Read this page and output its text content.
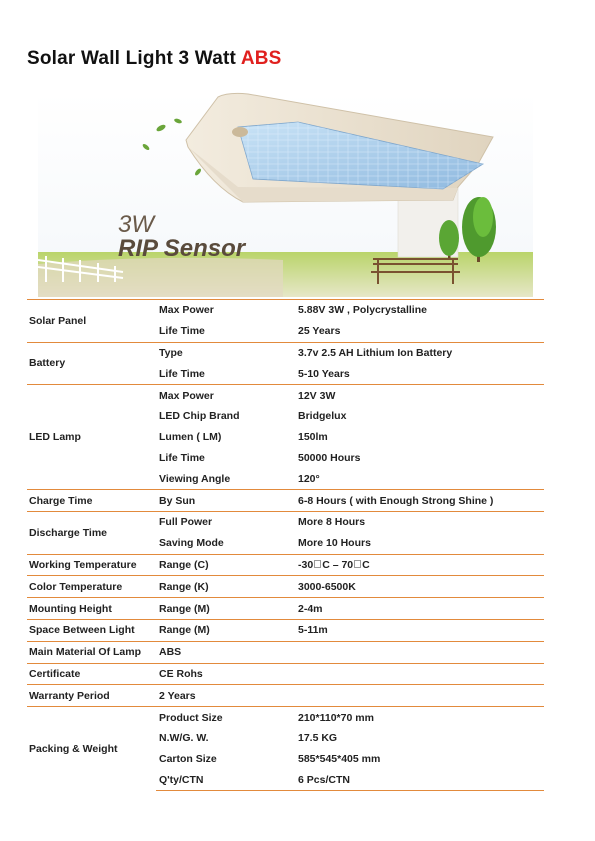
Solar Wall Light 3 Watt ABS
3W
RIP Sensor
Solar Panel	Max Power	5.88V 3W , Polycrystalline
	Life Time	25 Years
Battery	Type	3.7v 2.5 AH Lithium Ion Battery
	Life Time	5-10 Years
LED Lamp	Max Power	12V 3W
	LED Chip Brand	Bridgelux
	Lumen ( LM)	150lm
	Life Time	50000 Hours
	Viewing Angle	120°
Charge Time	By Sun	6-8 Hours ( with Enough Strong Shine )
Discharge Time	Full Power	More 8 Hours
	Saving Mode	More 10 Hours
Working Temperature	Range (C)	-30 C – 70 C
Color Temperature	Range (K)	3000-6500K
Mounting Height	Range (M)	2-4m
Space Between Light	Range (M)	5-11m
Main Material Of Lamp	ABS	
Certificate	CE Rohs	
Warranty Period	2 Years	
Packing & Weight	Product Size	210*110*70 mm
	N.W/G. W.	17.5 KG
	Carton Size	585*545*405 mm
	Q'ty/CTN	6 Pcs/CTN
